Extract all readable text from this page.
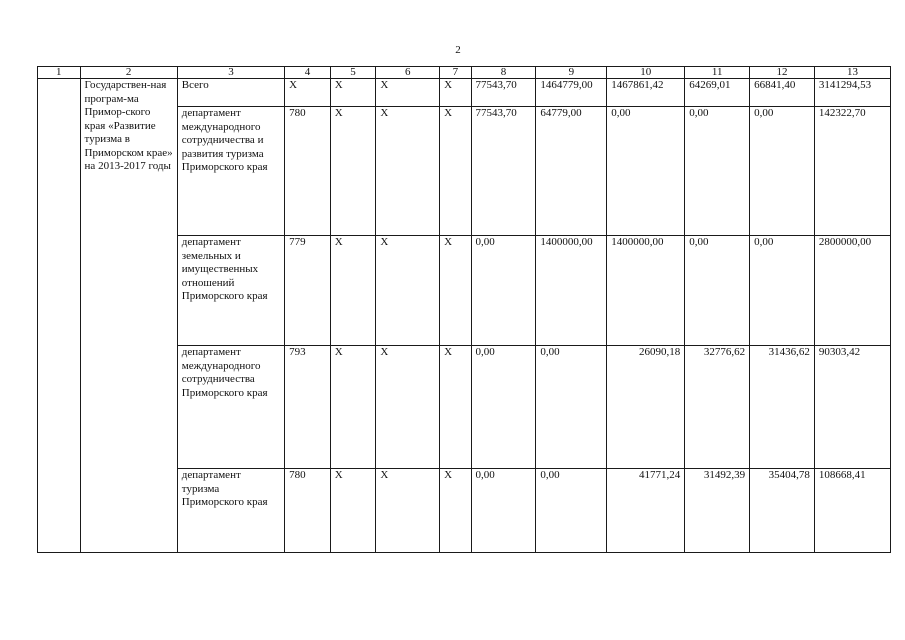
2
1	2	3	4	5	6	7	8	9	10	11	12	13
	Государствен-ная програм-ма Примор-ского края «Развитие туризма в Приморском крае» на 2013-2017 годы	Всего	Х	Х	Х	Х	77543,70	1464779,00	1467861,42	64269,01	66841,40	3141294,53
		департамент международного сотрудничества и развития туризма Приморского края	780	Х	Х	Х	77543,70	64779,00	0,00	0,00	0,00	142322,70
		департамент земельных и имущественных отношений Приморского края	779	Х	Х	Х	0,00	1400000,00	1400000,00	0,00	0,00	2800000,00
		департамент международного сотрудничества Приморского края	793	Х	Х	Х	0,00	0,00	26090,18	32776,62	31436,62	90303,42
		департамент туризма Приморского края	780	Х	Х	Х	0,00	0,00	41771,24	31492,39	35404,78	108668,41
